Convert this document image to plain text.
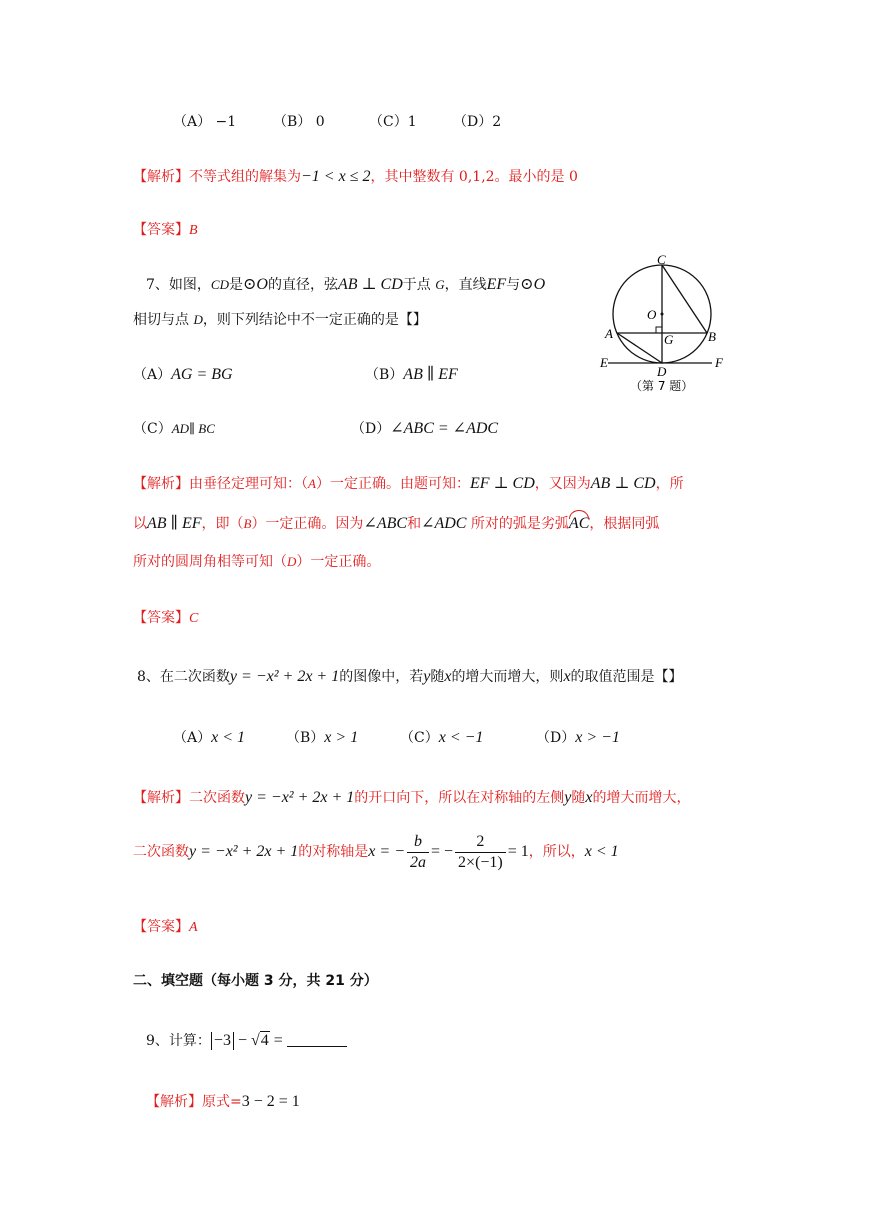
（A） −1	（B） 0	（C）1	（D）2
【解析】不等式组的解集为−1 < x ≤ 2，其中整数有 0,1,2。最小的是 0
【答案】B
7、如图，CD是⊙O的直径，弦AB ⊥ CD于点 G，直线EF与⊙O
相切与点 D，则下列结论中不一定正确的是【】
C
O
A	G	B
E
D
F
（第 7 题）
（A）AG = BG	（B）AB ∥ EF
（C）AD∥ BC	（D）∠ABC = ∠ADC
【解析】由垂径定理可知：（A）一定正确。由题可知：EF ⊥ CD，又因为AB ⊥ CD，所
以AB ∥ EF，即（B）一定正确。因为∠ABC和∠ADC 所对的弧是劣弧AC，根据同弧
所对的圆周角相等可知（D）一定正确。
【答案】C
8、在二次函数y = −x² + 2x + 1的图像中，若y随x的增大而增大，则x的取值范围是【】
（A）x < 1	（B）x > 1	（C）x < −1	（D）x > −1
【解析】二次函数y = −x² + 2x + 1的开口向下，所以在对称轴的左侧y随x的增大而增大，
二次函数y = −x² + 2x + 1的对称轴是x = − $\frac{b}{2a}$ = − $\frac{2}{2\times(-1)} = 1$，所以，x < 1
【答案】A
二、填空题（每小题 3 分，共 21 分）
9、计算： −3 − √4 =
【解析】原式=3 − 2 = 1
